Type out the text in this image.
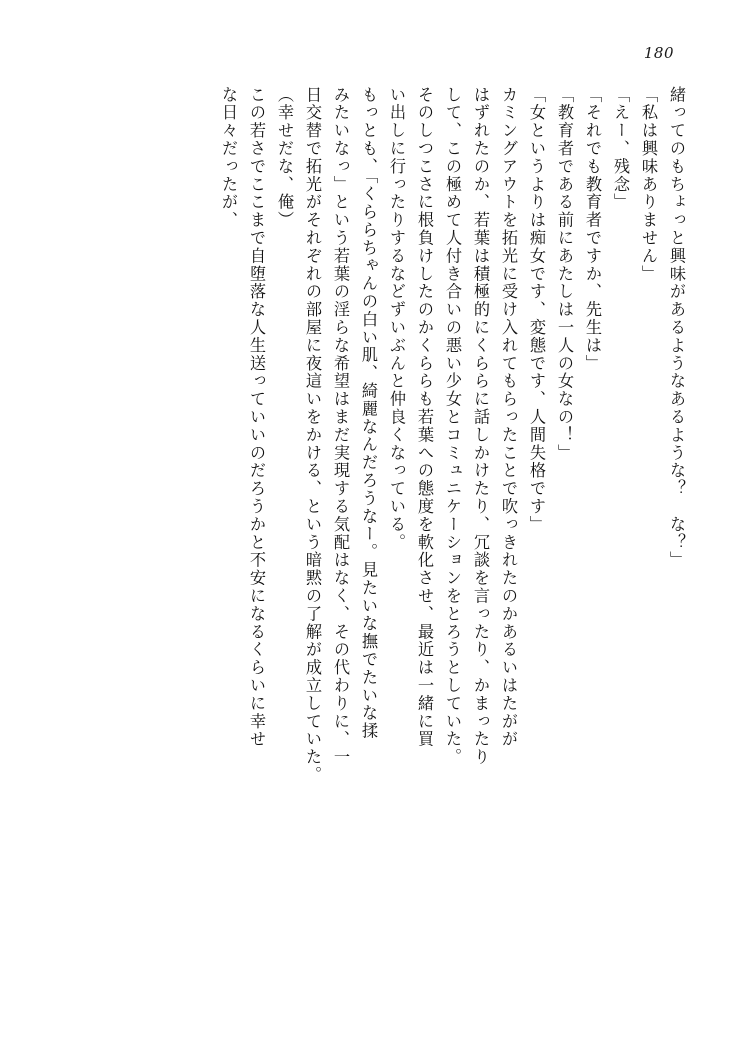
180
緒ってのもちょっと興味があるようなあるような？　な？」
「私は興味ありません」
「えー、残念」
「それでも教育者ですか、先生は」
「教育者である前にあたしは一人の女なの！」
「女というよりは痴女です、変態です、人間失格です」
カミングアウトを拓光に受け入れてもらったことで吹っきれたのかあるいはたがが
はずれたのか、若葉は積極的にくららに話しかけたり、冗談を言ったり、かまったり
して、この極めて人付き合いの悪い少女とコミュニケーションをとろうとしていた。
そのしつこさに根負けしたのかくららも若葉への態度を軟化させ、最近は一緒に買
い出しに行ったりするなどずいぶんと仲良くなっている。
もっとも、「くららちゃんの白い肌、綺麗なんだろうなー。見たいな撫でたいな揉
みたいなっ」という若葉の淫らな希望はまだ実現する気配はなく、その代わりに、一
日交替で拓光がそれぞれの部屋に夜這いをかける、という暗黙の了解が成立していた。
（幸せだな、俺）
この若さでここまで自堕落な人生送っていいのだろうかと不安になるくらいに幸せ
な日々だったが、
